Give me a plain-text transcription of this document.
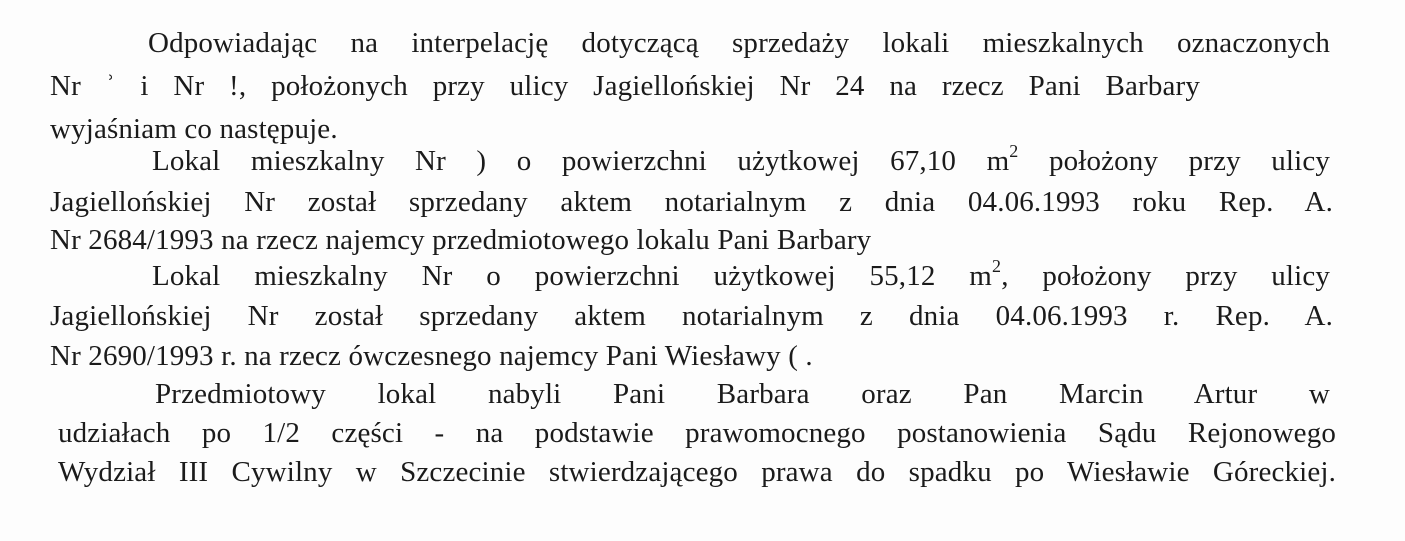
Odpowiadając na interpelację dotyczącą sprzedaży lokali mieszkalnych oznaczonych
Nr ʾ i Nr !, położonych przy ulicy Jagiellońskiej Nr 24 na rzecz Pani Barbary
wyjaśniam co następuje.
Lokal mieszkalny Nr ) o powierzchni użytkowej 67,10 $m^2$ położony przy ulicy
Jagiellońskiej Nr został sprzedany aktem notarialnym z dnia 04.06.1993 roku Rep. A.
Nr 2684/1993 na rzecz najemcy przedmiotowego lokalu Pani Barbary
Lokal mieszkalny Nr o powierzchni użytkowej 55,12 $m^2$, położony przy ulicy
Jagiellońskiej Nr został sprzedany aktem notarialnym z dnia 04.06.1993 r. Rep. A.
Nr 2690/1993 r. na rzecz ówczesnego najemcy Pani Wiesławy ( .
Przedmiotowy lokal nabyli Pani Barbara oraz Pan Marcin Artur w
udziałach po 1/2 części - na podstawie prawomocnego postanowienia Sądu Rejonowego
Wydział III Cywilny w Szczecinie stwierdzającego prawa do spadku po Wiesławie Góreckiej.
